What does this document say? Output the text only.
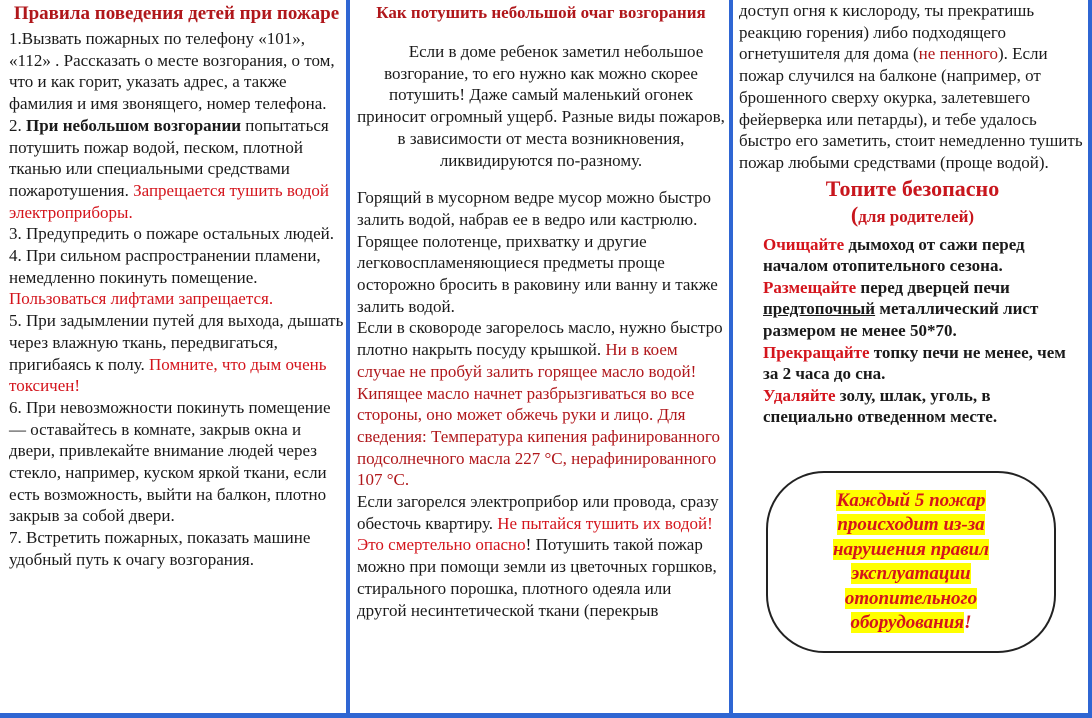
Правила поведения детей при пожаре

1.Вызвать пожарных по телефону «101», «112» . Рассказать о месте возгорания, о том, что и как горит, указать адрес, а также фамилия и имя звонящего, номер телефона.

2. При небольшом возгорании попытаться потушить пожар водой, песком, плотной тканью или специальными средствами пожаротушения. Запрещается тушить водой электроприборы.

3. Предупредить о пожаре остальных людей.

4. При сильном распространении пламени, немедленно покинуть помещение. Пользоваться лифтами запрещается.

5. При задымлении путей для выхода, дышать через влажную ткань, передвигаться, пригибаясь к полу. Помните, что дым очень токсичен!

6. При невозможности покинуть помещение — оставайтесь в комнате, закрыв окна и двери, привлекайте внимание людей через стекло, например, куском яркой ткани, если есть возможность, выйти на балкон, плотно закрыв за собой двери.

7. Встретить пожарных, показать машине удобный путь к очагу возгорания.

Как потушить небольшой очаг возгорания

Если в доме ребенок заметил небольшое возгорание, то его нужно как можно скорее потушить! Даже самый маленький огонек приносит огромный ущерб. Разные виды пожаров, в зависимости от места возникновения, ликвидируются по-разному.

Горящий в мусорном ведре мусор можно быстро залить водой, набрав ее в ведро или кастрюлю.

Горящее полотенце, прихватку и другие легковоспламеняющиеся предметы проще осторожно бросить в раковину или ванну и также залить водой.

Если в сковороде загорелось масло, нужно быстро плотно накрыть посуду крышкой. Ни в коем случае не пробуй залить горящее масло водой! Кипящее масло начнет разбрызгиваться во все стороны, оно может обжечь руки и лицо. Для сведения: Температура кипения рафинированного подсолнечного масла 227 °С, нерафинированного 107 °С.

Если загорелся электроприбор или провода, сразу обесточь квартиру. Не пытайся тушить их водой! Это смертельно опасно! Потушить такой пожар можно при помощи земли из цветочных горшков, стирального порошка, плотного одеяла или другой несинтетической ткани (перекрыв

доступ огня к кислороду, ты прекратишь реакцию горения) либо подходящего огнетушителя для дома (не пенного). Если пожар случился на балконе (например, от брошенного сверху окурка, залетевшего фейерверка или петарды), и тебе удалось быстро его заметить, стоит немедленно тушить пожар любыми средствами (проще водой).

Топите безопасно
(для родителей)

Очищайте дымоход от сажи перед началом отопительного сезона.

Размещайте перед дверцей печи предтопочный металлический лист размером не менее 50*70.

Прекращайте топку печи не менее, чем за 2 часа до сна.

Удаляйте золу, шлак, уголь, в специально отведенном месте.

Каждый 5 пожар происходит из-за нарушения правил эксплуатации отопительного оборудования!
